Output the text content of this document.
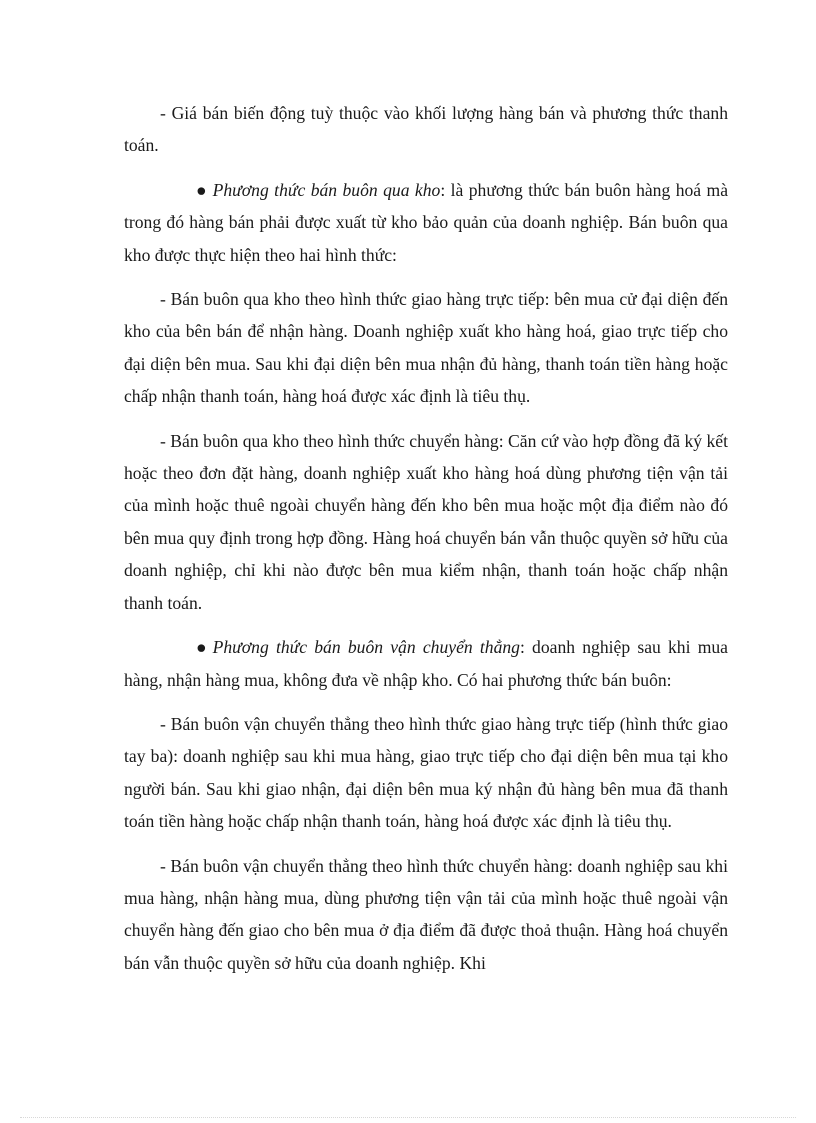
- Giá bán biến động tuỳ thuộc vào khối lượng hàng bán và phương thức thanh toán.

● Phương thức bán buôn qua kho: là phương thức bán buôn hàng hoá mà trong đó hàng bán phải được xuất từ kho bảo quản của doanh nghiệp. Bán buôn qua kho được thực hiện theo hai hình thức:

- Bán buôn qua kho theo hình thức giao hàng trực tiếp: bên mua cử đại diện đến kho của bên bán để nhận hàng. Doanh nghiệp xuất kho hàng hoá, giao trực tiếp cho đại diện bên mua. Sau khi đại diện bên mua nhận đủ hàng, thanh toán tiền hàng hoặc chấp nhận thanh toán, hàng hoá được xác định là tiêu thụ.

- Bán buôn qua kho theo hình thức chuyển hàng: Căn cứ vào hợp đồng đã ký kết hoặc theo đơn đặt hàng, doanh nghiệp xuất kho hàng hoá dùng phương tiện vận tải của mình hoặc thuê ngoài chuyển hàng đến kho bên mua hoặc một địa điểm nào đó bên mua quy định trong hợp đồng. Hàng hoá chuyển bán vẫn thuộc quyền sở hữu của doanh nghiệp, chỉ khi nào được bên mua kiểm nhận, thanh toán hoặc chấp nhận thanh toán.

● Phương thức bán buôn vận chuyển thẳng: doanh nghiệp sau khi mua hàng, nhận hàng mua, không đưa về nhập kho. Có hai phương thức bán buôn:

- Bán buôn vận chuyển thẳng theo hình thức giao hàng trực tiếp (hình thức giao tay ba): doanh nghiệp sau khi mua hàng, giao trực tiếp cho đại diện bên mua tại kho người bán. Sau khi giao nhận, đại diện bên mua ký nhận đủ hàng bên mua đã thanh toán tiền hàng hoặc chấp nhận thanh toán, hàng hoá được xác định là tiêu thụ.

- Bán buôn vận chuyển thẳng theo hình thức chuyển hàng: doanh nghiệp sau khi mua hàng, nhận hàng mua, dùng phương tiện vận tải của mình hoặc thuê ngoài vận chuyển hàng đến giao cho bên mua ở địa điểm đã được thoả thuận. Hàng hoá chuyển bán vẫn thuộc quyền sở hữu của doanh nghiệp. Khi
